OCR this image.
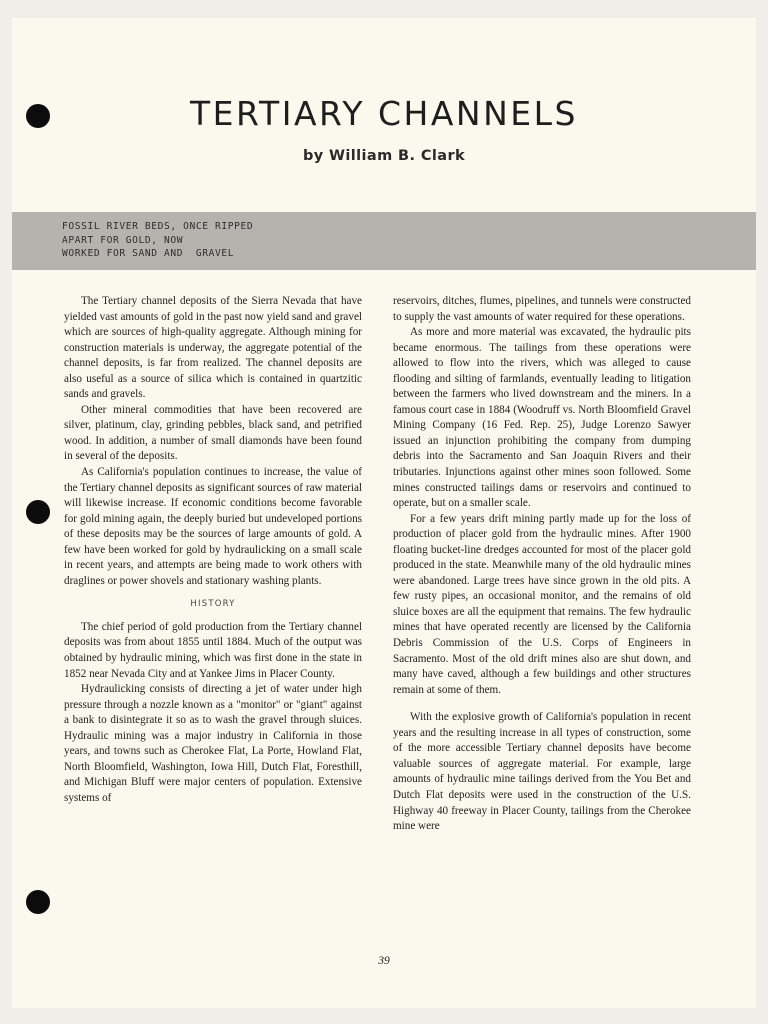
TERTIARY CHANNELS

by William B. Clark

FOSSIL RIVER BEDS, ONCE RIPPED
APART FOR GOLD, NOW
WORKED FOR SAND AND  GRAVEL

The Tertiary channel deposits of the Sierra Nevada that have yielded vast amounts of gold in the past now yield sand and gravel which are sources of high-quality aggregate. Although mining for construction materials is underway, the aggregate potential of the channel deposits, is far from realized. The channel deposits are also useful as a source of silica which is contained in quartzitic sands and gravels.

Other mineral commodities that have been recovered are silver, platinum, clay, grinding pebbles, black sand, and petrified wood. In addition, a number of small diamonds have been found in several of the deposits.

As California's population continues to increase, the value of the Tertiary channel deposits as significant sources of raw material will likewise increase. If economic conditions become favorable for gold mining again, the deeply buried but undeveloped portions of these deposits may be the sources of large amounts of gold. A few have been worked for gold by hydraulicking on a small scale in recent years, and attempts are being made to work others with draglines or power shovels and stationary washing plants.

HISTORY

The chief period of gold production from the Tertiary channel deposits was from about 1855 until 1884. Much of the output was obtained by hydraulic mining, which was first done in the state in 1852 near Nevada City and at Yankee Jims in Placer County.

Hydraulicking consists of directing a jet of water under high pressure through a nozzle known as a "monitor" or "giant" against a bank to disintegrate it so as to wash the gravel through sluices. Hydraulic mining was a major industry in California in those years, and towns such as Cherokee Flat, La Porte, Howland Flat, North Bloomfield, Washington, Iowa Hill, Dutch Flat, Foresthill, and Michigan Bluff were major centers of population. Extensive systems of

reservoirs, ditches, flumes, pipelines, and tunnels were constructed to supply the vast amounts of water required for these operations.

As more and more material was excavated, the hydraulic pits became enormous. The tailings from these operations were allowed to flow into the rivers, which was alleged to cause flooding and silting of farmlands, eventually leading to litigation between the farmers who lived downstream and the miners. In a famous court case in 1884 (Woodruff vs. North Bloomfield Gravel Mining Company (16 Fed. Rep. 25), Judge Lorenzo Sawyer issued an injunction prohibiting the company from dumping debris into the Sacramento and San Joaquin Rivers and their tributaries. Injunctions against other mines soon followed. Some mines constructed tailings dams or reservoirs and continued to operate, but on a smaller scale.

For a few years drift mining partly made up for the loss of production of placer gold from the hydraulic mines. After 1900 floating bucket-line dredges accounted for most of the placer gold produced in the state. Meanwhile many of the old hydraulic mines were abandoned. Large trees have since grown in the old pits. A few rusty pipes, an occasional monitor, and the remains of old sluice boxes are all the equipment that remains. The few hydraulic mines that have operated recently are licensed by the California Debris Commission of the U.S. Corps of Engineers in Sacramento. Most of the old drift mines also are shut down, and many have caved, although a few buildings and other structures remain at some of them.

With the explosive growth of California's population in recent years and the resulting increase in all types of construction, some of the more accessible Tertiary channel deposits have become valuable sources of aggregate material. For example, large amounts of hydraulic mine tailings derived from the You Bet and Dutch Flat deposits were used in the construction of the U.S. Highway 40 freeway in Placer County, tailings from the Cherokee mine were

39
